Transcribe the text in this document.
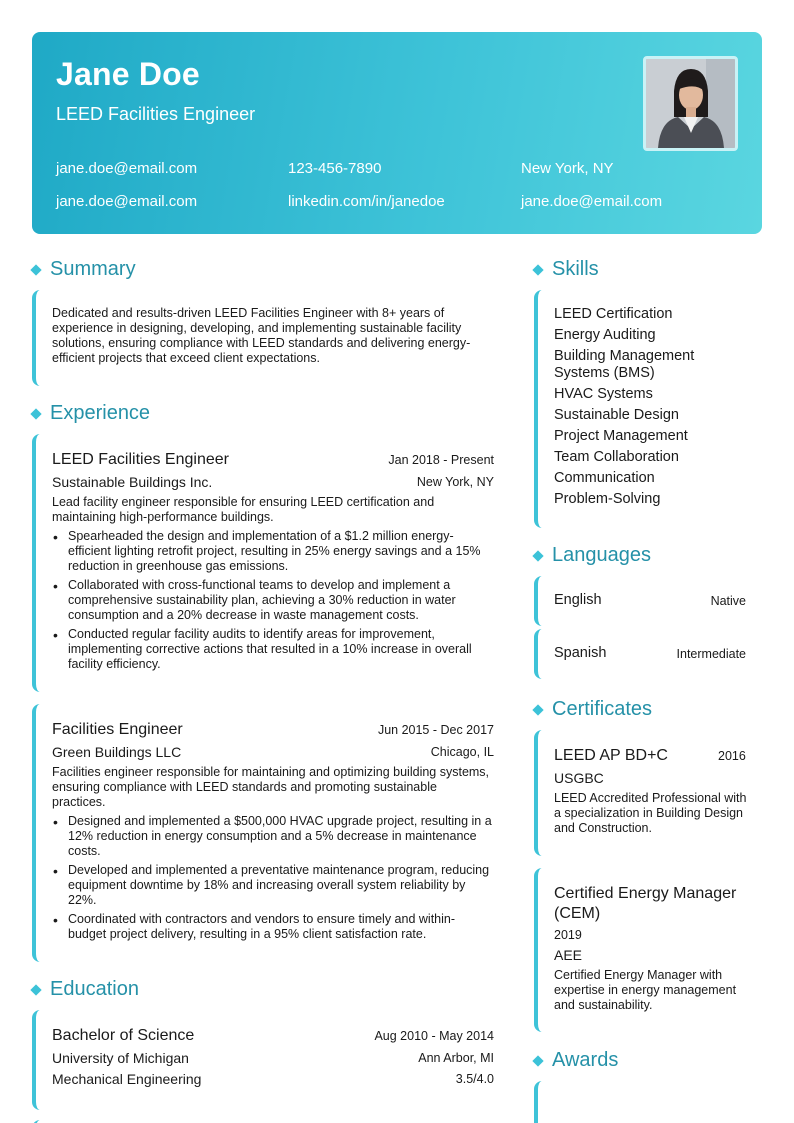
Jane Doe
LEED Facilities Engineer
jane.doe@email.com	123-456-7890	New York, NY
jane.doe@email.com	linkedin.com/in/janedoe	jane.doe@email.com
Summary
Dedicated and results-driven LEED Facilities Engineer with 8+ years of experience in designing, developing, and implementing sustainable facility solutions, ensuring compliance with LEED standards and delivering energy-efficient projects that exceed client expectations.
Experience
LEED Facilities Engineer	Jan 2018 - Present
Sustainable Buildings Inc.	New York, NY
Lead facility engineer responsible for ensuring LEED certification and maintaining high-performance buildings.
• Spearheaded the design and implementation of a $1.2 million energy-efficient lighting retrofit project, resulting in 25% energy savings and a 15% reduction in greenhouse gas emissions.
• Collaborated with cross-functional teams to develop and implement a comprehensive sustainability plan, achieving a 30% reduction in water consumption and a 20% decrease in waste management costs.
• Conducted regular facility audits to identify areas for improvement, implementing corrective actions that resulted in a 10% increase in overall facility efficiency.
Facilities Engineer	Jun 2015 - Dec 2017
Green Buildings LLC	Chicago, IL
Facilities engineer responsible for maintaining and optimizing building systems, ensuring compliance with LEED standards and promoting sustainable practices.
• Designed and implemented a $500,000 HVAC upgrade project, resulting in a 12% reduction in energy consumption and a 5% decrease in maintenance costs.
• Developed and implemented a preventative maintenance program, reducing equipment downtime by 18% and increasing overall system reliability by 22%.
• Coordinated with contractors and vendors to ensure timely and within-budget project delivery, resulting in a 95% client satisfaction rate.
Education
Bachelor of Science	Aug 2010 - May 2014
University of Michigan	Ann Arbor, MI
Mechanical Engineering	3.5/4.0
Skills
LEED Certification
Energy Auditing
Building Management Systems (BMS)
HVAC Systems
Sustainable Design
Project Management
Team Collaboration
Communication
Problem-Solving
Languages
English	Native
Spanish	Intermediate
Certificates
LEED AP BD+C	2016
USGBC
LEED Accredited Professional with a specialization in Building Design and Construction.
Certified Energy Manager (CEM)
2019
AEE
Certified Energy Manager with expertise in energy management and sustainability.
Awards
